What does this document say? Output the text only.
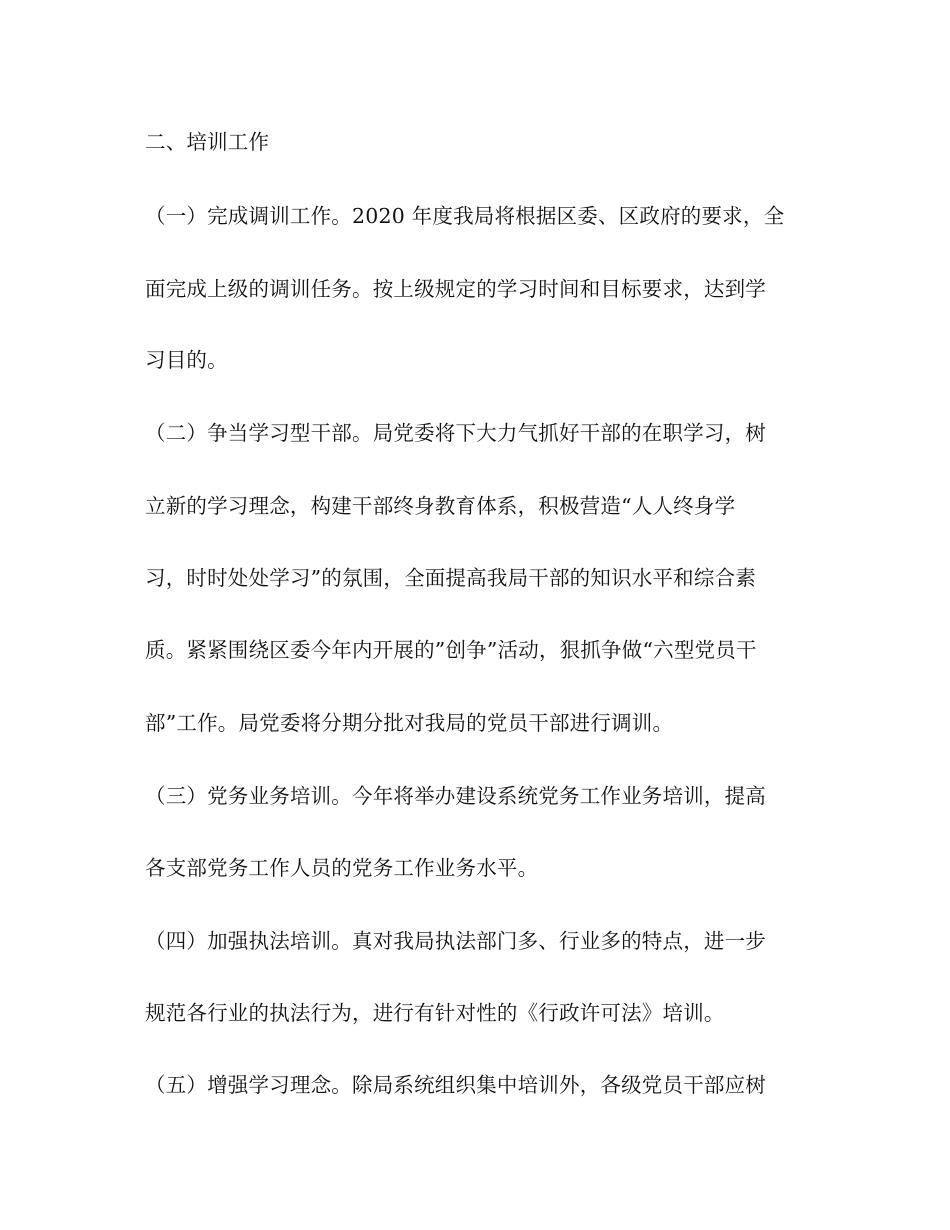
二、培训工作

（一）完成调训工作。2020 年度我局将根据区委、区政府的要求，全

面完成上级的调训任务。按上级规定的学习时间和目标要求，达到学

习目的。

（二）争当学习型干部。局党委将下大力气抓好干部的在职学习，树

立新的学习理念，构建干部终身教育体系，积极营造“人人终身学

习，时时处处学习”的氛围，全面提高我局干部的知识水平和综合素

质。紧紧围绕区委今年内开展的”创争”活动，狠抓争做“六型党员干

部”工作。局党委将分期分批对我局的党员干部进行调训。

（三）党务业务培训。今年将举办建设系统党务工作业务培训，提高

各支部党务工作人员的党务工作业务水平。

（四）加强执法培训。真对我局执法部门多、行业多的特点，进一步

规范各行业的执法行为，进行有针对性的《行政许可法》培训。

（五）增强学习理念。除局系统组织集中培训外，各级党员干部应树
